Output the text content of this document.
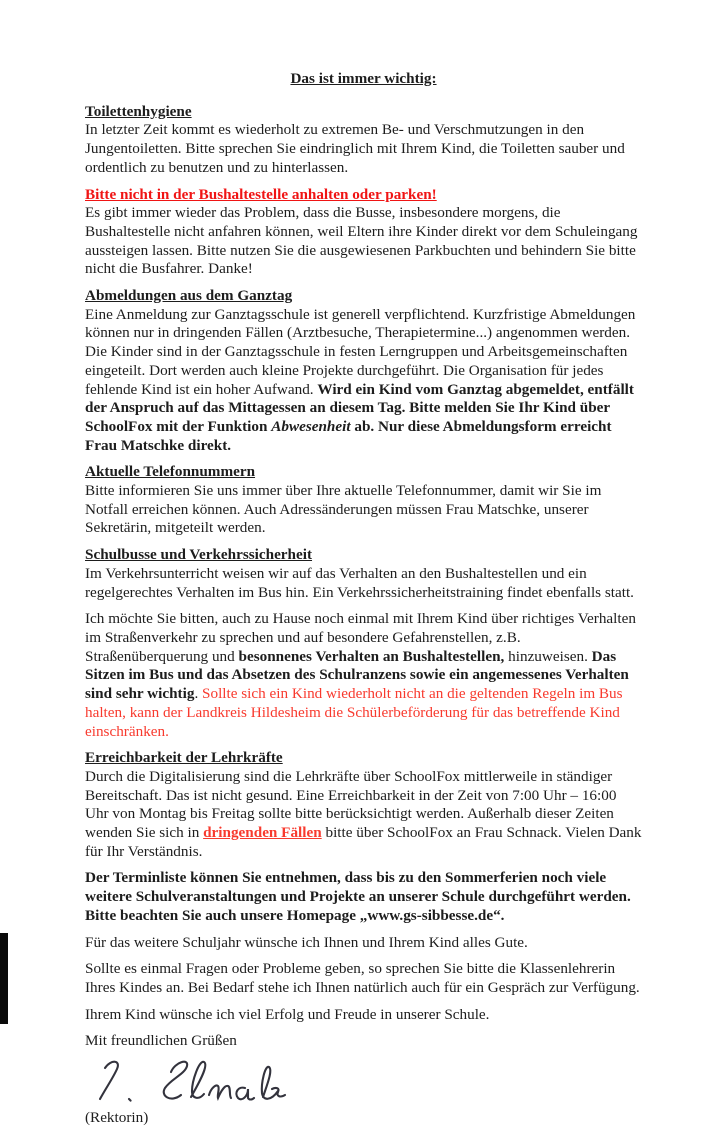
Das ist immer wichtig:
Toilettenhygiene

In letzter Zeit kommt es wiederholt zu extremen Be- und Verschmutzungen in den Jungentoiletten. Bitte sprechen Sie eindringlich mit Ihrem Kind, die Toiletten sauber und ordentlich zu benutzen und zu hinterlassen.

Bitte nicht in der Bushaltestelle anhalten oder parken!

Es gibt immer wieder das Problem, dass die Busse, insbesondere morgens, die Bushaltestelle nicht anfahren können, weil Eltern ihre Kinder direkt vor dem Schuleingang aussteigen lassen. Bitte nutzen Sie die ausgewiesenen Parkbuchten und behindern Sie bitte nicht die Busfahrer. Danke!

Abmeldungen aus dem Ganztag

Eine Anmeldung zur Ganztagsschule ist generell verpflichtend. Kurzfristige Abmeldungen können nur in dringenden Fällen (Arztbesuche, Therapietermine...) angenommen werden. Die Kinder sind in der Ganztagsschule in festen Lerngruppen und Arbeitsgemeinschaften eingeteilt. Dort werden auch kleine Projekte durchgeführt. Die Organisation für jedes fehlende Kind ist ein hoher Aufwand. Wird ein Kind vom Ganztag abgemeldet, entfällt der Anspruch auf das Mittagessen an diesem Tag. Bitte melden Sie Ihr Kind über SchoolFox mit der Funktion Abwesenheit ab. Nur diese Abmeldungsform erreicht Frau Matschke direkt.

Aktuelle Telefonnummern

Bitte informieren Sie uns immer über Ihre aktuelle Telefonnummer, damit wir Sie im Notfall erreichen können. Auch Adressänderungen müssen Frau Matschke, unserer Sekretärin, mitgeteilt werden.

Schulbusse und Verkehrssicherheit

Im Verkehrsunterricht weisen wir auf das Verhalten an den Bushaltestellen und ein regelgerechtes Verhalten im Bus hin. Ein Verkehrssicherheitstraining findet ebenfalls statt.

Ich möchte Sie bitten, auch zu Hause noch einmal mit Ihrem Kind über richtiges Verhalten im Straßenverkehr zu sprechen und auf besondere Gefahrenstellen, z.B. Straßenüberquerung und besonnenes Verhalten an Bushaltestellen, hinzuweisen. Das Sitzen im Bus und das Absetzen des Schulranzens sowie ein angemessenes Verhalten sind sehr wichtig. Sollte sich ein Kind wiederholt nicht an die geltenden Regeln im Bus halten, kann der Landkreis Hildesheim die Schülerbeförderung für das betreffende Kind einschränken.

Erreichbarkeit der Lehrkräfte

Durch die Digitalisierung sind die Lehrkräfte über SchoolFox mittlerweile in ständiger Bereitschaft. Das ist nicht gesund. Eine Erreichbarkeit in der Zeit von 7:00 Uhr – 16:00 Uhr von Montag bis Freitag sollte bitte berücksichtigt werden. Außerhalb dieser Zeiten wenden Sie sich in dringenden Fällen bitte über SchoolFox an Frau Schnack. Vielen Dank für Ihr Verständnis.

Der Terminliste können Sie entnehmen, dass bis zu den Sommerferien noch viele weitere Schulveranstaltungen und Projekte an unserer Schule durchgeführt werden. Bitte beachten Sie auch unsere Homepage „www.gs-sibbesse.de“.

Für das weitere Schuljahr wünsche ich Ihnen und Ihrem Kind alles Gute.

Sollte es einmal Fragen oder Probleme geben, so sprechen Sie bitte die Klassenlehrerin Ihres Kindes an. Bei Bedarf stehe ich Ihnen natürlich auch für ein Gespräch zur Verfügung.

Ihrem Kind wünsche ich viel Erfolg und Freude in unserer Schule.

Mit freundlichen Grüßen

(Rektorin)
